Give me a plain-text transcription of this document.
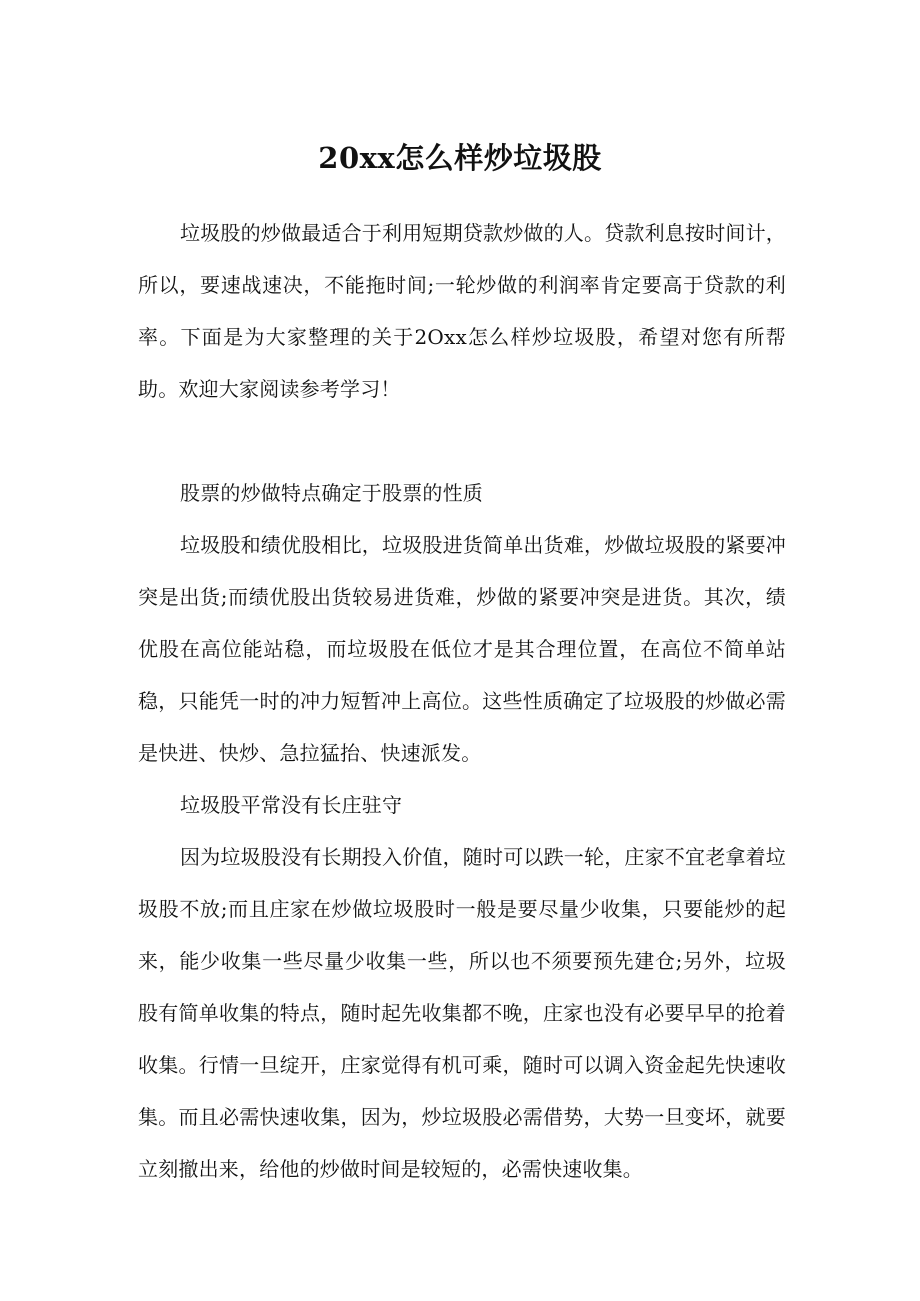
20xx怎么样炒垃圾股

垃圾股的炒做最适合于利用短期贷款炒做的人。贷款利息按时间计，所以，要速战速决，不能拖时间;一轮炒做的利润率肯定要高于贷款的利率。下面是为大家整理的关于2Oxx怎么样炒垃圾股，希望对您有所帮助。欢迎大家阅读参考学习！

股票的炒做特点确定于股票的性质

垃圾股和绩优股相比，垃圾股进货简单出货难，炒做垃圾股的紧要冲突是出货;而绩优股出货较易进货难，炒做的紧要冲突是进货。其次，绩优股在高位能站稳，而垃圾股在低位才是其合理位置，在高位不简单站稳，只能凭一时的冲力短暂冲上高位。这些性质确定了垃圾股的炒做必需是快进、快炒、急拉猛抬、快速派发。

垃圾股平常没有长庄驻守

因为垃圾股没有长期投入价值，随时可以跌一轮，庄家不宜老拿着垃圾股不放;而且庄家在炒做垃圾股时一般是要尽量少收集，只要能炒的起来，能少收集一些尽量少收集一些，所以也不须要预先建仓;另外，垃圾股有简单收集的特点，随时起先收集都不晚，庄家也没有必要早早的抢着收集。行情一旦绽开，庄家觉得有机可乘，随时可以调入资金起先快速收集。而且必需快速收集，因为，炒垃圾股必需借势，大势一旦变坏，就要立刻撤出来，给他的炒做时间是较短的，必需快速收集。
